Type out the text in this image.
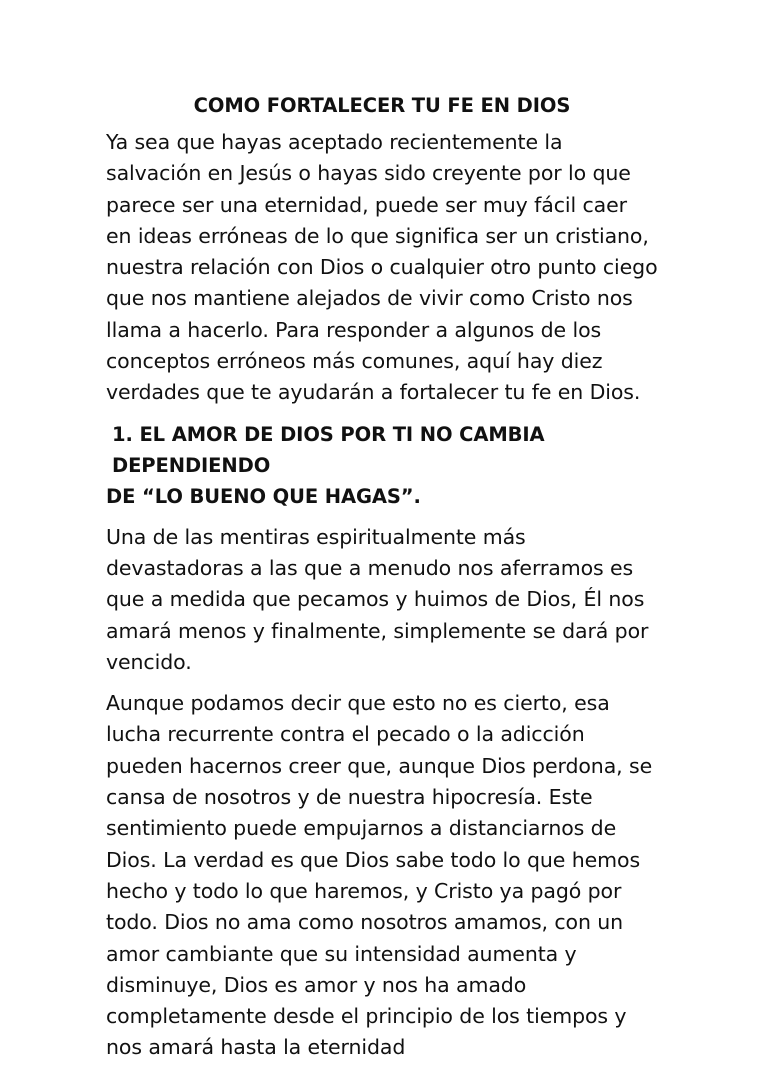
COMO FORTALECER TU FE EN DIOS

Ya sea que hayas aceptado recientemente la salvación en Jesús o hayas sido creyente por lo que parece ser una eternidad, puede ser muy fácil caer en ideas erróneas de lo que significa ser un cristiano, nuestra relación con Dios o cualquier otro punto ciego que nos mantiene alejados de vivir como Cristo nos llama a hacerlo. Para responder a algunos de los conceptos erróneos más comunes, aquí hay diez verdades que te ayudarán a fortalecer tu fe en Dios.

1. EL AMOR DE DIOS POR TI NO CAMBIA DEPENDIENDO
DE “LO BUENO QUE HAGAS”.

Una de las mentiras espiritualmente más devastadoras a las que a menudo nos aferramos es que a medida que pecamos y huimos de Dios, Él nos amará menos y finalmente, simplemente se dará por vencido.

Aunque podamos decir que esto no es cierto, esa lucha recurrente contra el pecado o la adicción pueden hacernos creer que, aunque Dios perdona, se cansa de nosotros y de nuestra hipocresía. Este sentimiento puede empujarnos a distanciarnos de Dios. La verdad es que Dios sabe todo lo que hemos hecho y todo lo que haremos, y Cristo ya pagó por todo. Dios no ama como nosotros amamos, con un amor cambiante que su intensidad aumenta y disminuye, Dios es amor y nos ha amado completamente desde el principio de los tiempos y nos amará hasta la eternidad
